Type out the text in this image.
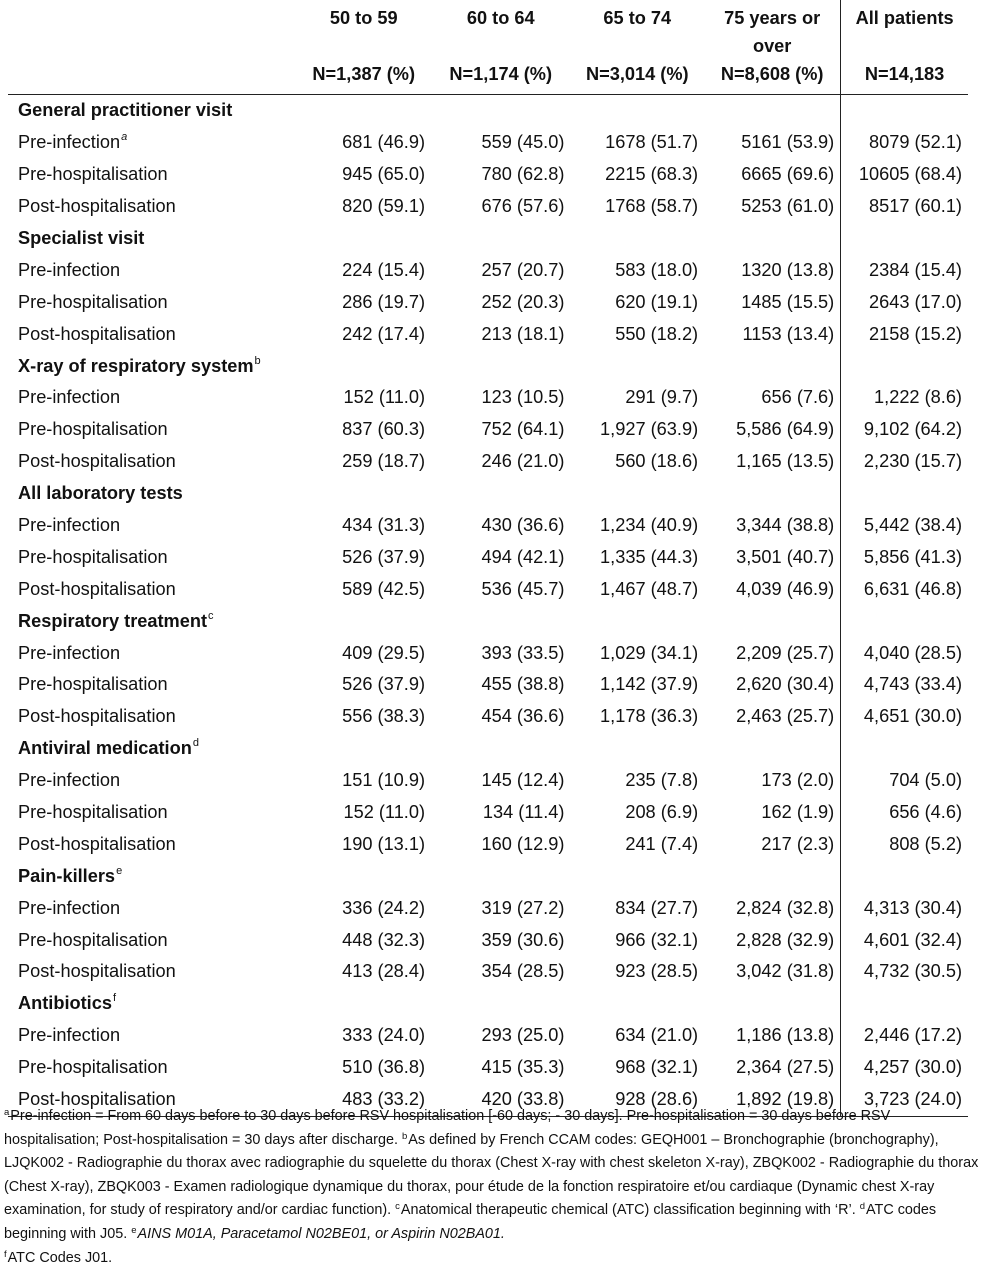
	50 to 59	60 to 64	65 to 74	75 years or over	All patients
	N=1,387 (%)	N=1,174 (%)	N=3,014 (%)	N=8,608 (%)	N=14,183
General practitioner visit					
Pre-infection$^a$	681 (46.9)	559 (45.0)	1678 (51.7)	5161 (53.9)	8079 (52.1)
Pre-hospitalisation	945 (65.0)	780 (62.8)	2215 (68.3)	6665 (69.6)	10605 (68.4)
Post-hospitalisation	820 (59.1)	676 (57.6)	1768 (58.7)	5253 (61.0)	8517 (60.1)
Specialist visit					
Pre-infection	224 (15.4)	257 (20.7)	583 (18.0)	1320 (13.8)	2384 (15.4)
Pre-hospitalisation	286 (19.7)	252 (20.3)	620 (19.1)	1485 (15.5)	2643 (17.0)
Post-hospitalisation	242 (17.4)	213 (18.1)	550 (18.2)	1153 (13.4)	2158 (15.2)
X-ray of respiratory system$^b$					
Pre-infection	152 (11.0)	123 (10.5)	291 (9.7)	656 (7.6)	1,222 (8.6)
Pre-hospitalisation	837 (60.3)	752 (64.1)	1,927 (63.9)	5,586 (64.9)	9,102 (64.2)
Post-hospitalisation	259 (18.7)	246 (21.0)	560 (18.6)	1,165 (13.5)	2,230 (15.7)
All laboratory tests					
Pre-infection	434 (31.3)	430 (36.6)	1,234 (40.9)	3,344 (38.8)	5,442 (38.4)
Pre-hospitalisation	526 (37.9)	494 (42.1)	1,335 (44.3)	3,501 (40.7)	5,856 (41.3)
Post-hospitalisation	589 (42.5)	536 (45.7)	1,467 (48.7)	4,039 (46.9)	6,631 (46.8)
Respiratory treatment$^c$					
Pre-infection	409 (29.5)	393 (33.5)	1,029 (34.1)	2,209 (25.7)	4,040 (28.5)
Pre-hospitalisation	526 (37.9)	455 (38.8)	1,142 (37.9)	2,620 (30.4)	4,743 (33.4)
Post-hospitalisation	556 (38.3)	454 (36.6)	1,178 (36.3)	2,463 (25.7)	4,651 (30.0)
Antiviral medication$^d$					
Pre-infection	151 (10.9)	145 (12.4)	235 (7.8)	173 (2.0)	704 (5.0)
Pre-hospitalisation	152 (11.0)	134 (11.4)	208 (6.9)	162 (1.9)	656 (4.6)
Post-hospitalisation	190 (13.1)	160 (12.9)	241 (7.4)	217 (2.3)	808 (5.2)
Pain-killers$^e$					
Pre-infection	336 (24.2)	319 (27.2)	834 (27.7)	2,824 (32.8)	4,313 (30.4)
Pre-hospitalisation	448 (32.3)	359 (30.6)	966 (32.1)	2,828 (32.9)	4,601 (32.4)
Post-hospitalisation	413 (28.4)	354 (28.5)	923 (28.5)	3,042 (31.8)	4,732 (30.5)
Antibiotics$^f$					
Pre-infection	333 (24.0)	293 (25.0)	634 (21.0)	1,186 (13.8)	2,446 (17.2)
Pre-hospitalisation	510 (36.8)	415 (35.3)	968 (32.1)	2,364 (27.5)	4,257 (30.0)
Post-hospitalisation	483 (33.2)	420 (33.8)	928 (28.6)	1,892 (19.8)	3,723 (24.0)
$^a$Pre-infection = From 60 days before to 30 days before RSV hospitalisation [-60 days; - 30 days]. Pre-hospitalisation = 30 days before RSV hospitalisation; Post-hospitalisation = 30 days after discharge. $^b$As defined by French CCAM codes: GEQH001 – Bronchographie (bronchography), LJQK002 - Radiographie du thorax avec radiographie du squelette du thorax (Chest X-ray with chest skeleton X-ray), ZBQK002 - Radiographie du thorax (Chest X-ray), ZBQK003 - Examen radiologique dynamique du thorax, pour étude de la fonction respiratoire et/ou cardiaque (Dynamic chest X-ray examination, for study of respiratory and/or cardiac function). $^c$Anatomical therapeutic chemical (ATC) classification beginning with ‘R’. $^d$ATC codes beginning with J05. $^e$AINS M01A, Paracetamol N02BE01, or Aspirin N02BA01.
$^f$ATC Codes J01.
